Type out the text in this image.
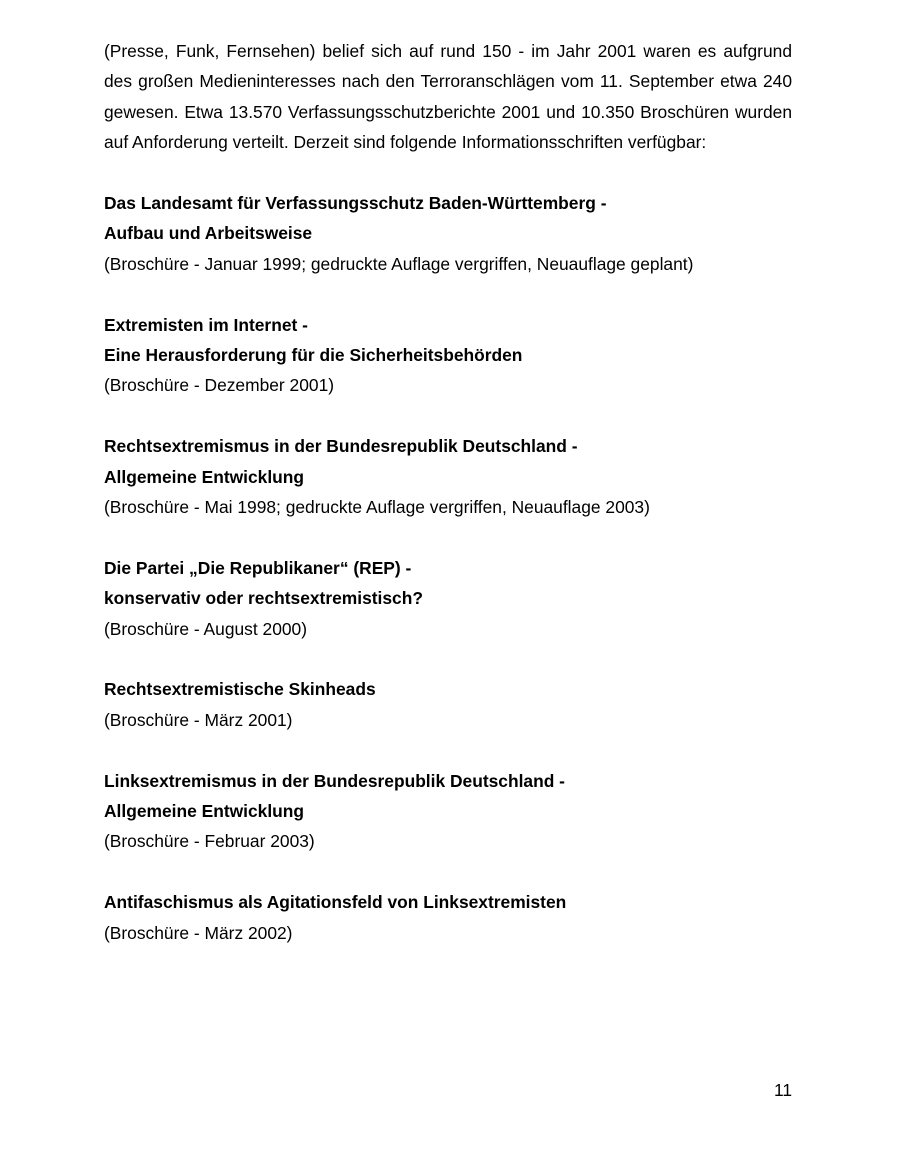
(Presse, Funk, Fernsehen) belief sich auf rund 150 - im Jahr 2001 waren es aufgrund des großen Medieninteresses nach den Terroranschlägen vom 11. September etwa 240 gewesen. Etwa 13.570 Verfassungsschutzberichte 2001 und 10.350 Broschüren wurden auf Anforderung verteilt. Derzeit sind folgende Informationsschriften verfügbar:

Das Landesamt für Verfassungsschutz Baden-Württemberg -

Aufbau und Arbeitsweise

(Broschüre - Januar 1999; gedruckte Auflage vergriffen, Neuauflage geplant)

Extremisten im Internet -

Eine Herausforderung für die Sicherheitsbehörden

(Broschüre - Dezember 2001)

Rechtsextremismus in der Bundesrepublik Deutschland -

Allgemeine Entwicklung

(Broschüre - Mai 1998; gedruckte Auflage vergriffen, Neuauflage 2003)

Die Partei „Die Republikaner“ (REP) -

konservativ oder rechtsextremistisch?

(Broschüre - August 2000)

Rechtsextremistische Skinheads

(Broschüre - März 2001)

Linksextremismus in der Bundesrepublik Deutschland -

Allgemeine Entwicklung

(Broschüre - Februar 2003)

Antifaschismus als Agitationsfeld von Linksextremisten

(Broschüre - März 2002)

11
